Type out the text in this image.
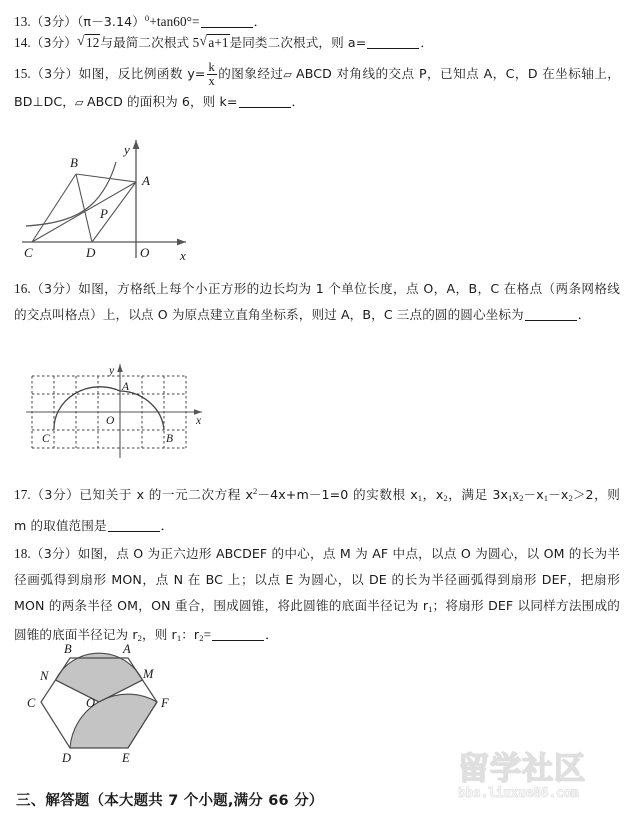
13.（3分）$(\pi-3.14)^0+\tan 60^\circ=$	．
14.（3分） √ 12与最简二次根式 5 √ a+1是同类二次根式，则 a=	．
15.（3分）如图，反比例函数 $y= \frac{k}{x}$ 的图象经过▱ ABCD 对角线的交点 P，已知点 A，C，D 在坐标轴上，BD⊥DC，▱ ABCD 的面积为 6，则 k=	．
B
A
C	D	O
P
y
x
16.（3分）如图，方格纸上每个小正方形的边长均为 1 个单位长度，点 O，A，B，C 在格点（两条网格线的交点叫格点）上，以点 O 为原点建立直角坐标系，则过 A，B，C 三点的圆的圆心坐标为	．
A
B
C
O
y
x
17.（3分）已知关于 x 的一元二次方程 $x^2-4x+m-1=0$ 的实数根 $x_1$，$x_2$，满足 $3x_1x_2-x_1-x_2>2$，则 m 的取值范围是	．
18.（3分）如图，点 O 为正六边形 ABCDEF 的中心，点 M 为 AF 中点，以点 O 为圆心，以 OM 的长为半径画弧得到扇形 MON，点 N 在 BC 上；以点 E 为圆心，以 DE 的长为半径画弧得到扇形 DEF，把扇形 MON 的两条半径 OM，ON 重合，围成圆锥，将此圆锥的底面半径记为 $r_1$；将扇形 DEF 以同样方法围成的圆锥的底面半径记为 $r_2$，则 $r_1$：$r_2=$	．
A
B
C
D	E
F
M
N
O
留学社区
bbs.liuxue86.com
三、解答题（本大题共 7 个小题,满分 66 分）
